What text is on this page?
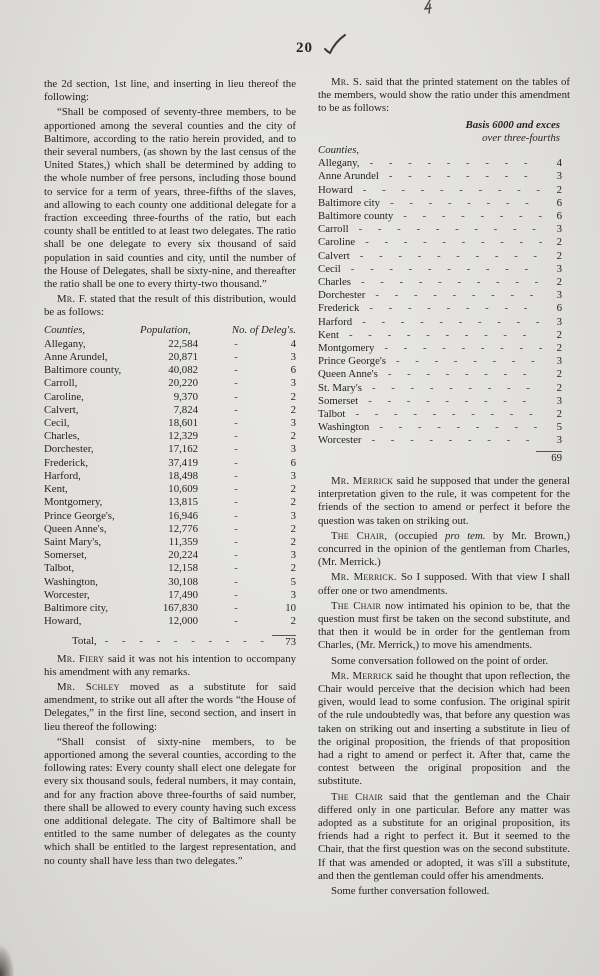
20

the 2d section, 1st line, and inserting in lieu thereof the following:

“Shall be composed of seventy-three members, to be apportioned among the several counties and the city of Baltimore, according to the ratio herein provided, and to their several numbers, (as shown by the last census of the United States,) which shall be determined by adding to the whole number of free persons, including those bound to service for a term of years, three-fifths of the slaves, and allowing to each county one additional delegate for a fraction exceeding three-fourths of the ratio, but each county shall be entitled to at least two delegates. The ratio shall be one delegate to every six thousand of said population in said counties and city, until the number of the House of Delegates, shall be sixty-nine, and thereafter the ratio shall be one to every thirty-two thousand.”

Mr. F. stated that the result of this distribution, would be as follows:

Counties,	Population,	No. of Deleg's.
Allegany,	22,584 -	4
Anne Arundel,	20,871 -	3
Baltimore county,	40,082 -	6
Carroll,	20,220 -	3
Caroline,	9,370 -	2
Calvert,	7,824 -	2
Cecil,	18,601 -	3
Charles,	12,329 -	2
Dorchester,	17,162 -	3
Frederick,	37,419 -	6
Harford,	18,498 -	3
Kent,	10,609 -	2
Montgomery,	13,815 -	2
Prince George's,	16,946 -	3
Queen Anne's,	12,776 -	2
Saint Mary's,	11,359 -	2
Somerset,	20,224 -	3
Talbot,	12,158 -	2
Washington,	30,108 -	5
Worcester,	17,490 -	3
Baltimore city,	167,830 -	10
Howard,	12,000 -	2
Total, - - -	73

Mr. Fiery said it was not his intention to occompany his amendment with any remarks.

Mr. Schley moved as a substitute for said amendment, to strike out all after the words “the House of Delegates,” in the first line, second section, and insert in lieu thereof the following:

“Shall consist of sixty-nine members, to be apportioned among the several counties, according to the following rates: Every county shall elect one delegate for every six thousand souls, federal numbers, it may contain, and for any fraction above three-fourths of said number, there shall be allowed to every county having such excess one additional delegate. The city of Baltimore shall be entitled to the same number of delegates as the county which shall be entitled to the largest representation, and no county shall have less than two delegates.”

Mr. S. said that the printed statement on the tables of the members, would show the ratio under this amendment to be as follows:

Basis 6000 and exces
over three-fourths
Counties,
Allegany, - - -	4
Anne Arundel - - -	3
Howard - - -	2
Baltimore city - - -	6
Baltimore county - - -	6
Carroll - - -	3
Caroline - - -	2
Calvert - - -	2
Cecil - - -	3
Charles - - -	2
Dorchester - - -	3
Frederick - - -	6
Harford - - -	3
Kent - - -	2
Montgomery - - -	2
Prince George's - - -	3
Queen Anne's - - -	2
St. Mary's - - -	2
Somerset - - -	3
Talbot - - -	2
Washington - - -	5
Worcester - - -	3
69

Mr. Merrick said he supposed that under the general interpretation given to the rule, it was competent for the friends of the section to amend or perfect it before the question was taken on striking out.

The Chair, (occupied pro tem. by Mr. Brown,) concurred in the opinion of the gentleman from Charles, (Mr. Merrick.)

Mr. Merrick. So I supposed. With that view I shall offer one or two amendments.

The Chair now intimated his opinion to be, that the question must first be taken on the second substitute, and that then it would be in order for the gentleman from Charles, (Mr. Merrick,) to move his amendments.

Some conversation followed on the point of order.

Mr. Merrick said he thought that upon reflection, the Chair would perceive that the decision which had been given, would lead to some confusion. The original spirit of the rule undoubtedly was, that before any question was taken on striking out and inserting a substitute in lieu of the original proposition, the friends of that proposition had a right to amend or perfect it. After that, came the contest between the original proposition and the substitute.

The Chair said that the gentleman and the Chair differed only in one particular. Before any matter was adopted as a substitute for an original proposition, its friends had a right to perfect it. But it seemed to the Chair, that the first question was on the second substitute. If that was amended or adopted, it was s'ill a substitute, and then the gentleman could offer his amendments.

Some further conversation followed.
